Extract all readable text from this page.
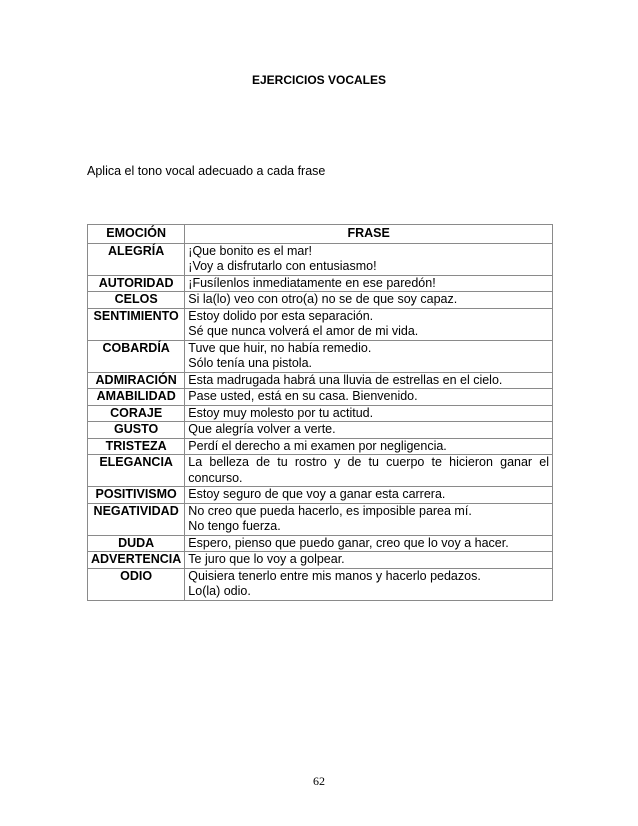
EJERCICIOS VOCALES
Aplica el tono vocal adecuado a cada frase
EMOCIÓN	FRASE
ALEGRÍA	¡Que bonito es el mar!
¡Voy a disfrutarlo con entusiasmo!

AUTORIDAD	¡Fusílenlos inmediatamente en ese paredón!

CELOS	Si la(lo) veo con otro(a) no se de que soy capaz.

SENTIMIENTO	Estoy dolido por esta separación.
Sé que nunca volverá el amor de mi vida.

COBARDÍA	Tuve que huir, no había remedio.
Sólo tenía una pistola.

ADMIRACIÓN	Esta madrugada habrá una lluvia de estrellas en el cielo.

AMABILIDAD	Pase usted, está en su casa. Bienvenido.

CORAJE	Estoy muy molesto por tu actitud.

GUSTO	Que alegría volver a verte.

TRISTEZA	Perdí el derecho a mi examen por negligencia.

ELEGANCIA	La belleza de tu rostro y de tu cuerpo te hicieron ganar el concurso.

POSITIVISMO	Estoy seguro de que voy a ganar esta carrera.

NEGATIVIDAD	No creo que pueda hacerlo, es imposible parea mí.
No tengo fuerza.

DUDA	Espero, pienso que puedo ganar, creo que lo voy a hacer.

ADVERTENCIA	Te juro que lo voy a golpear.

ODIO	Quisiera tenerlo entre mis manos y hacerlo pedazos.
Lo(la) odio.
62
